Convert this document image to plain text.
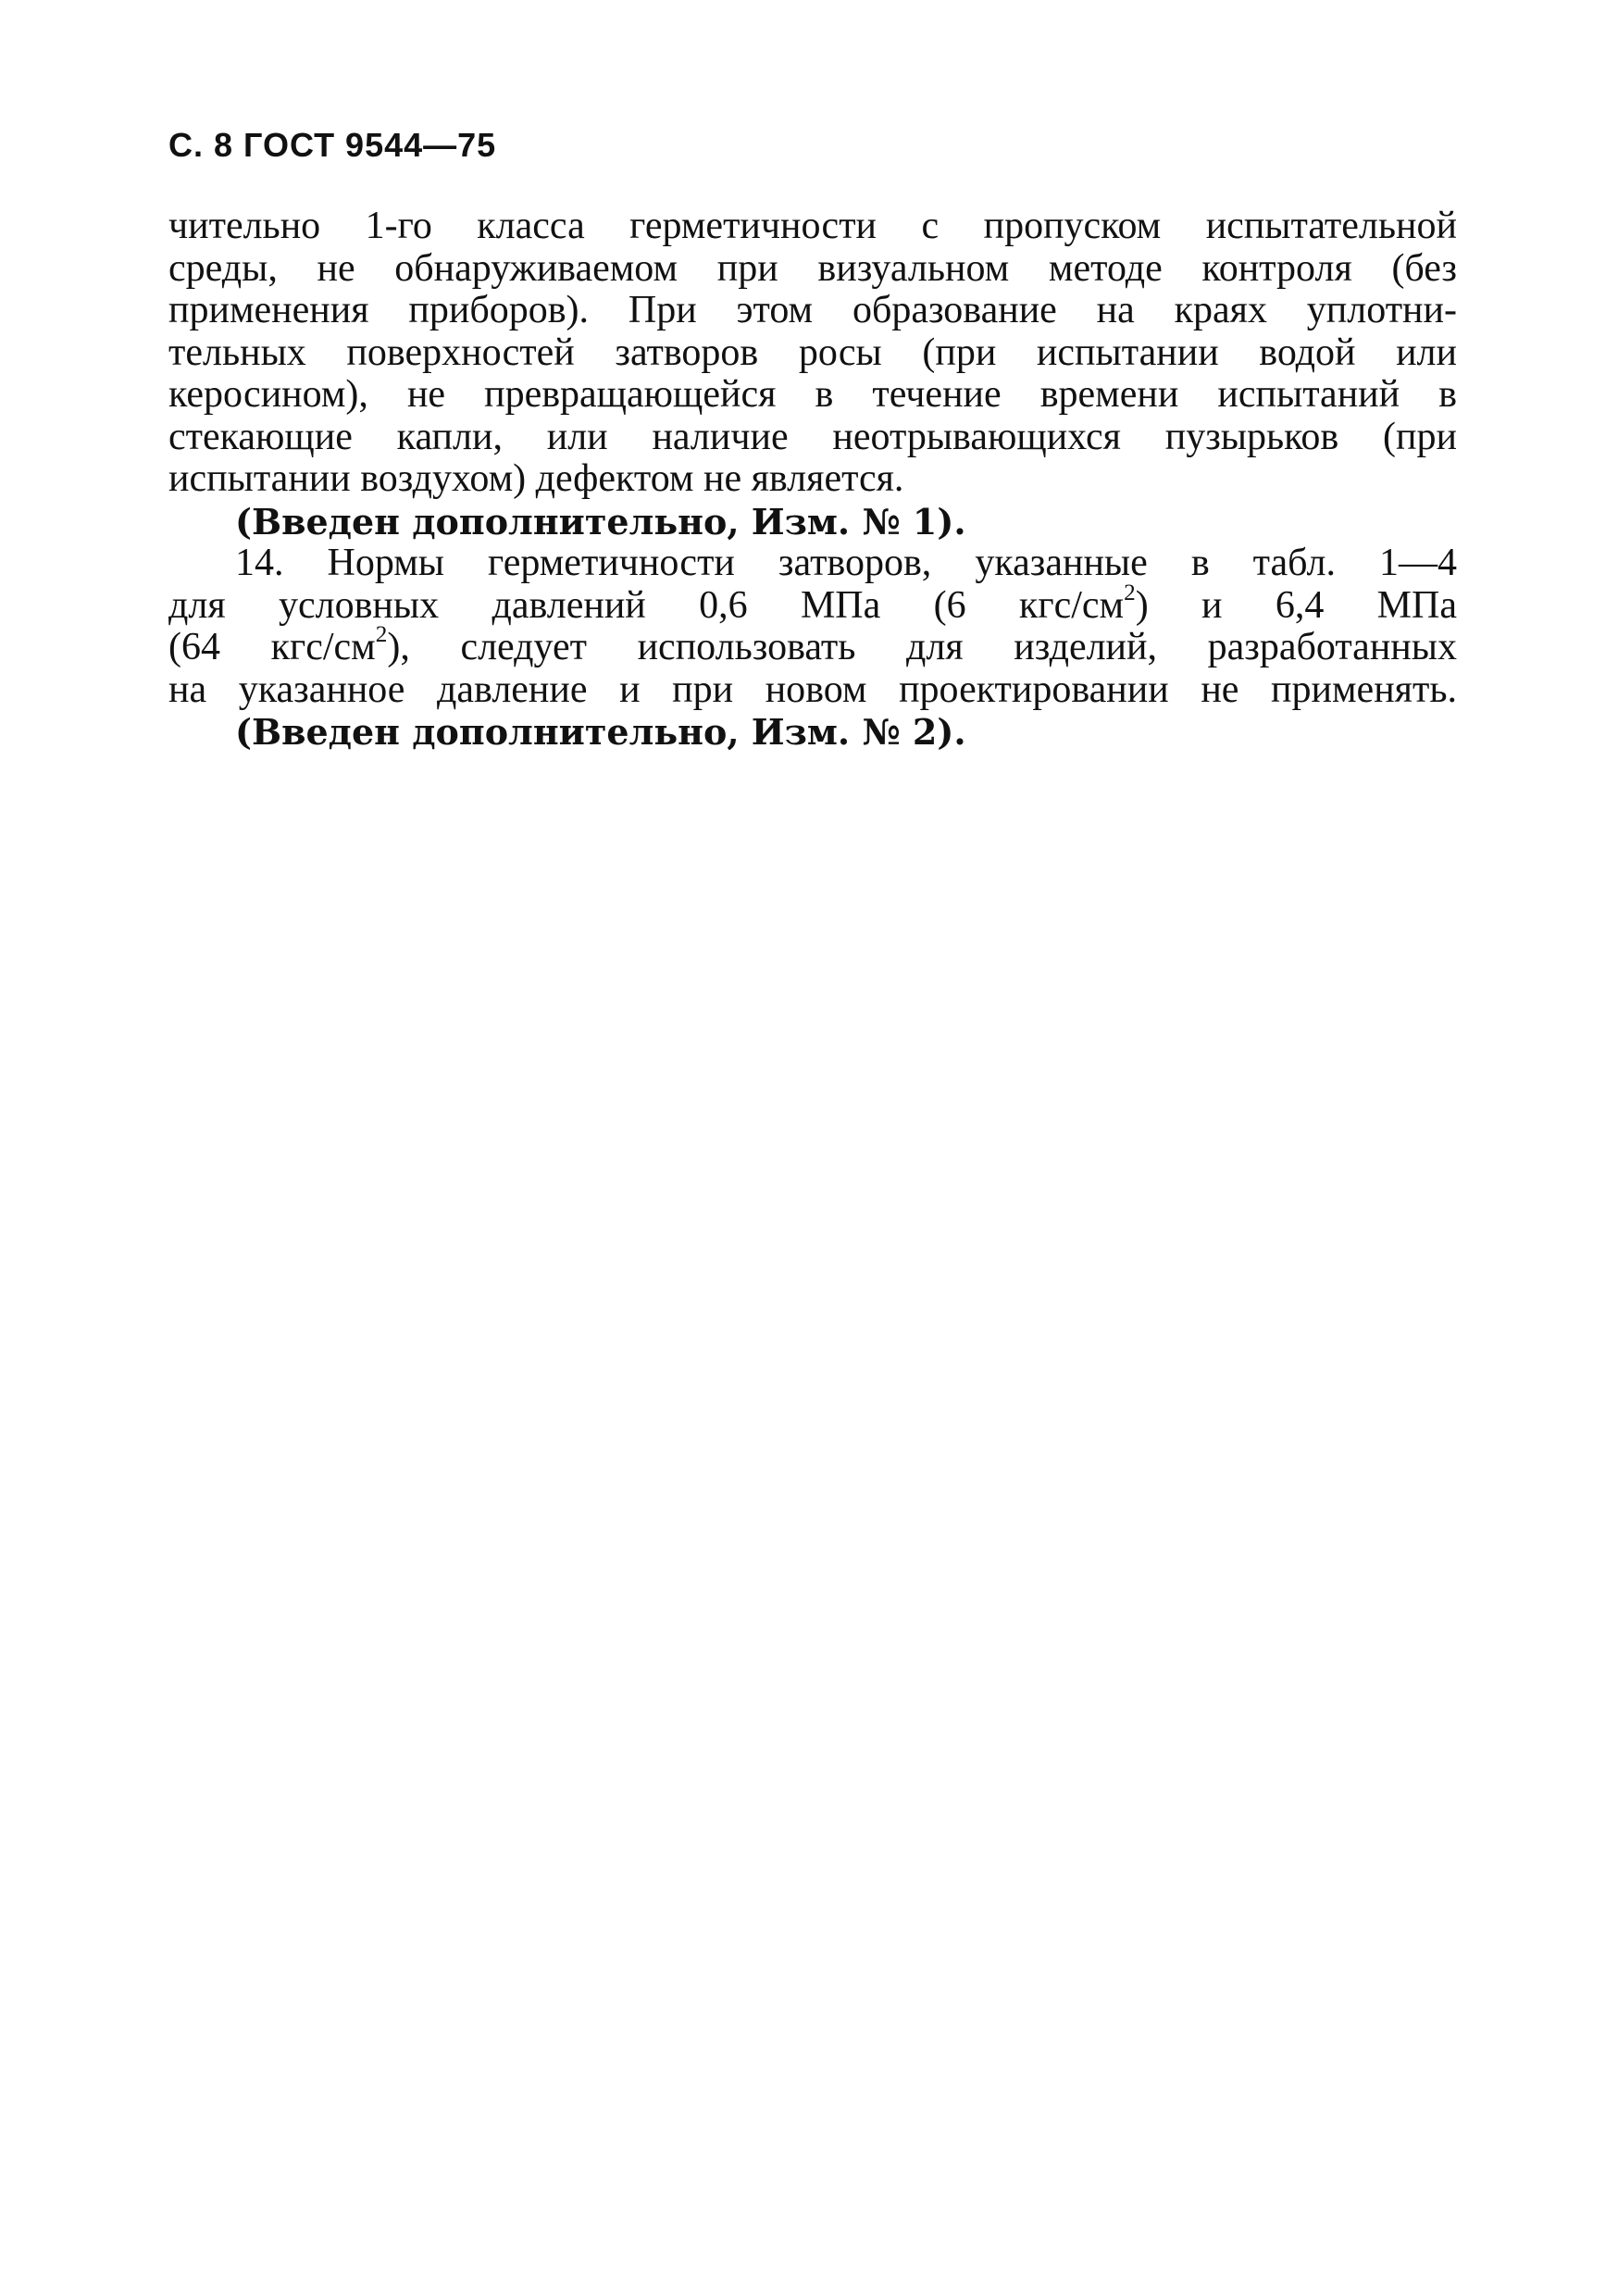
С. 8 ГОСТ 9544—75
чительно 1-го класса герметичности с пропуском испытательной
среды, не обнаруживаемом при визуальном методе контроля (без
применения приборов). При этом образование на краях уплотни-
тельных поверхностей затворов росы (при испытании водой или
керосином), не превращающейся в течение времени испытаний в
стекающие капли, или наличие неотрывающихся пузырьков (при
испытании воздухом) дефектом не является.
(Введен дополнительно, Изм. № 1).
14. Нормы герметичности затворов, указанные в табл. 1—4
для условных давлений 0,6 МПа (6 кгс/$см^2$) и 6,4 МПа
(64 кгс/$см^2$), следует использовать для изделий, разработанных
на указанное давление и при новом проектировании не применять.
(Введен дополнительно, Изм. № 2).
